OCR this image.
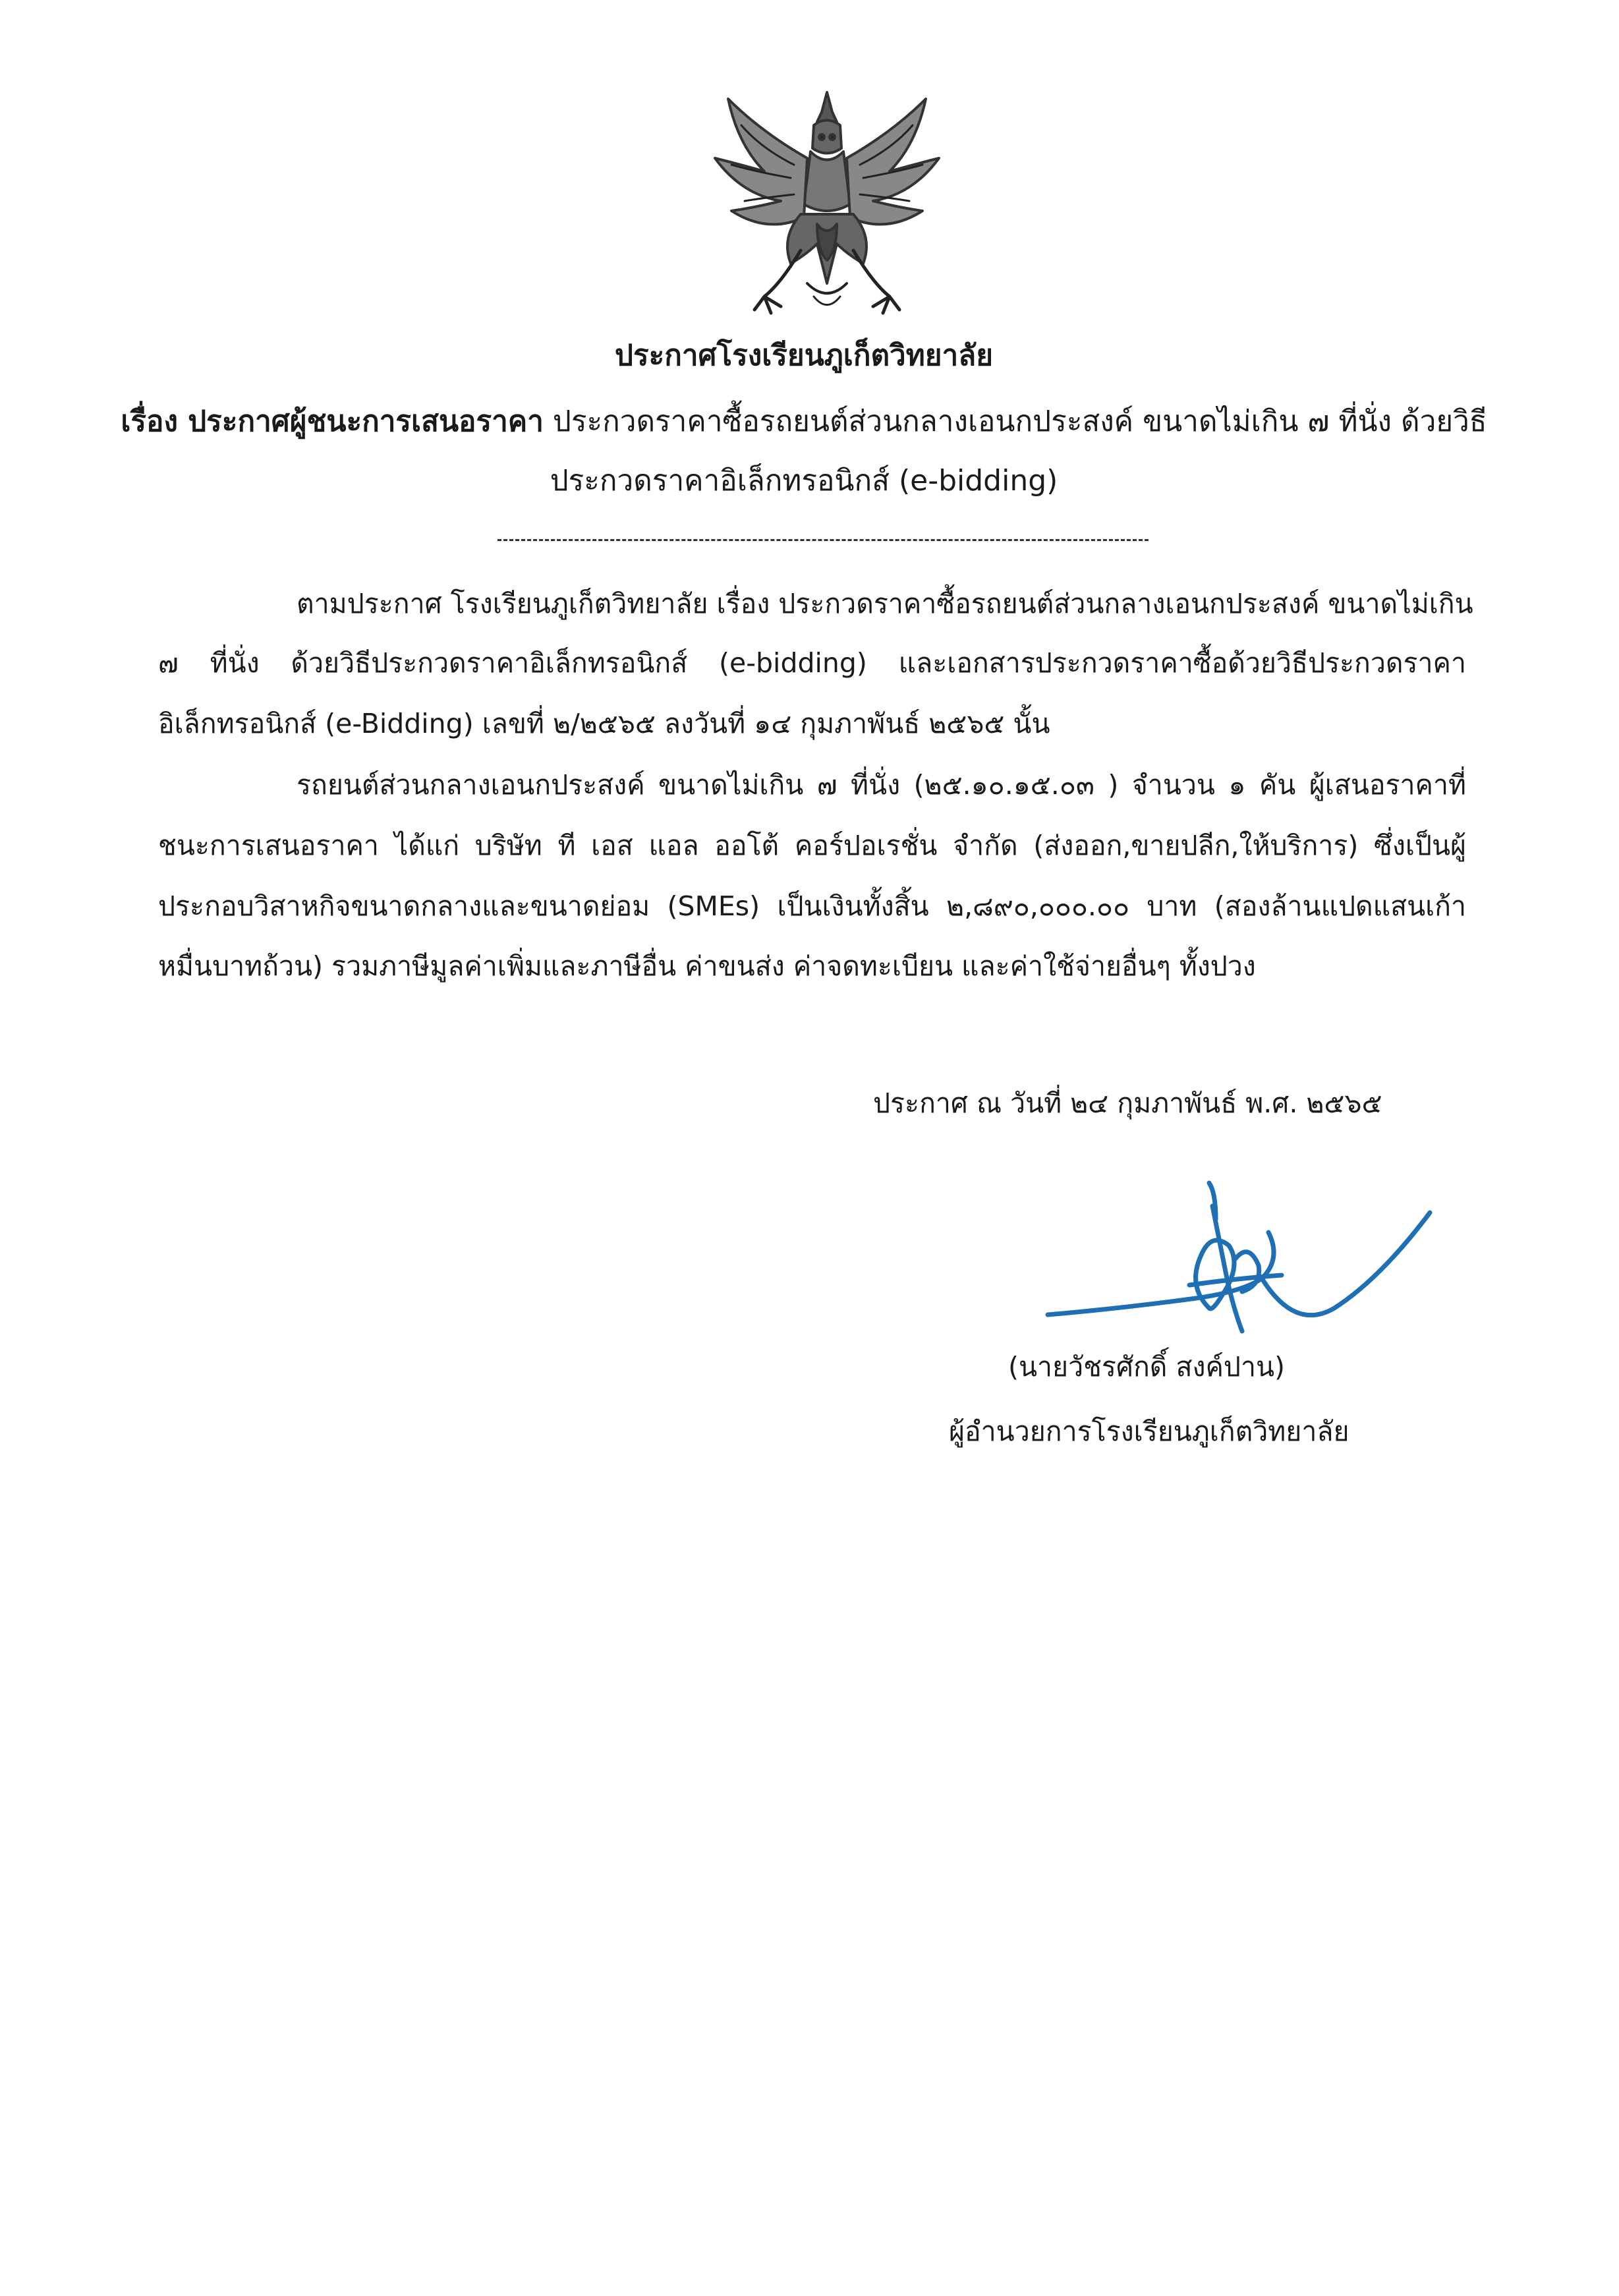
ประกาศโรงเรียนภูเก็ตวิทยาลัย
เรื่อง ประกาศผู้ชนะการเสนอราคา ประกวดราคาซื้อรถยนต์ส่วนกลางเอนกประสงค์ ขนาดไม่เกิน ๗ ที่นั่ง ด้วยวิธี
ประกวดราคาอิเล็กทรอนิกส์ (e-bidding)
ตามประกาศ โรงเรียนภูเก็ตวิทยาลัย เรื่อง ประกวดราคาซื้อรถยนต์ส่วนกลางเอนกประสงค์ ขนาดไม่เกิน
๗ ที่นั่ง ด้วยวิธีประกวดราคาอิเล็กทรอนิกส์ (e-bidding) และเอกสารประกวดราคาซื้อด้วยวิธีประกวดราคา
อิเล็กทรอนิกส์ (e-Bidding) เลขที่ ๒/๒๕๖๕ ลงวันที่ ๑๔ กุมภาพันธ์ ๒๕๖๕ นั้น
รถยนต์ส่วนกลางเอนกประสงค์ ขนาดไม่เกิน ๗ ที่นั่ง (๒๕.๑๐.๑๕.๐๓ ) จำนวน ๑ คัน ผู้เสนอราคาที่
ชนะการเสนอราคา ได้แก่ บริษัท ที เอส แอล ออโต้ คอร์ปอเรชั่น จำกัด (ส่งออก,ขายปลีก,ให้บริการ) ซึ่งเป็นผู้
ประกอบวิสาหกิจขนาดกลางและขนาดย่อม (SMEs) เป็นเงินทั้งสิ้น ๒,๘๙๐,๐๐๐.๐๐ บาท (สองล้านแปดแสนเก้า
หมื่นบาทถ้วน) รวมภาษีมูลค่าเพิ่มและภาษีอื่น ค่าขนส่ง ค่าจดทะเบียน และค่าใช้จ่ายอื่นๆ ทั้งปวง
ประกาศ ณ วันที่ ๒๔ กุมภาพันธ์ พ.ศ. ๒๕๖๕
(นายวัชรศักดิ์ สงค์ปาน)
ผู้อำนวยการโรงเรียนภูเก็ตวิทยาลัย
